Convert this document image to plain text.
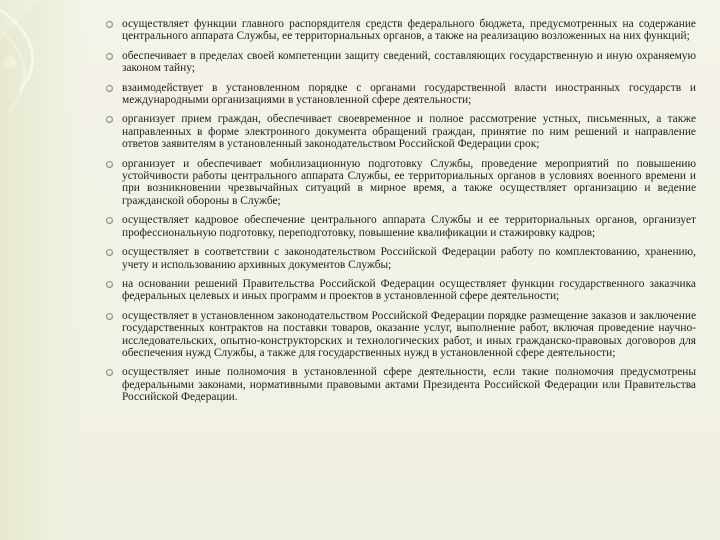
осуществляет функции главного распорядителя средств федерального бюджета, предусмотренных на содержание центрального аппарата Службы, ее территориальных органов, а также на реализацию возложенных на них функций;
обеспечивает в пределах своей компетенции защиту сведений, составляющих государственную и иную охраняемую законом тайну;
взаимодействует в установленном порядке с органами государственной власти иностранных государств и международными организациями в установленной сфере деятельности;
организует прием граждан, обеспечивает своевременное и полное рассмотрение устных, письменных, а также направленных в форме электронного документа обращений граждан, принятие по ним решений и направление ответов заявителям в установленный законодательством Российской Федерации срок;
организует и обеспечивает мобилизационную подготовку Службы, проведение мероприятий по повышению устойчивости работы центрального аппарата Службы, ее территориальных органов в условиях военного времени и при возникновении чрезвычайных ситуаций в мирное время, а также осуществляет организацию и ведение гражданской обороны в Службе;
осуществляет кадровое обеспечение центрального аппарата Службы и ее территориальных органов, организует профессиональную подготовку, переподготовку, повышение квалификации и стажировку кадров;
осуществляет в соответствии с законодательством Российской Федерации работу по комплектованию, хранению, учету и использованию архивных документов Службы;
на основании решений Правительства Российской Федерации осуществляет функции государственного заказчика федеральных целевых и иных программ и проектов в установленной сфере деятельности;
осуществляет в установленном законодательством Российской Федерации порядке размещение заказов и заключение государственных контрактов на поставки товаров, оказание услуг, выполнение работ, включая проведение научно-исследовательских, опытно-конструкторских и технологических работ, и иных гражданско-правовых договоров для обеспечения нужд Службы, а также для государственных нужд в установленной сфере деятельности;
осуществляет иные полномочия в установленной сфере деятельности, если такие полномочия предусмотрены федеральными законами, нормативными правовыми актами Президента Российской Федерации или Правительства Российской Федерации.
